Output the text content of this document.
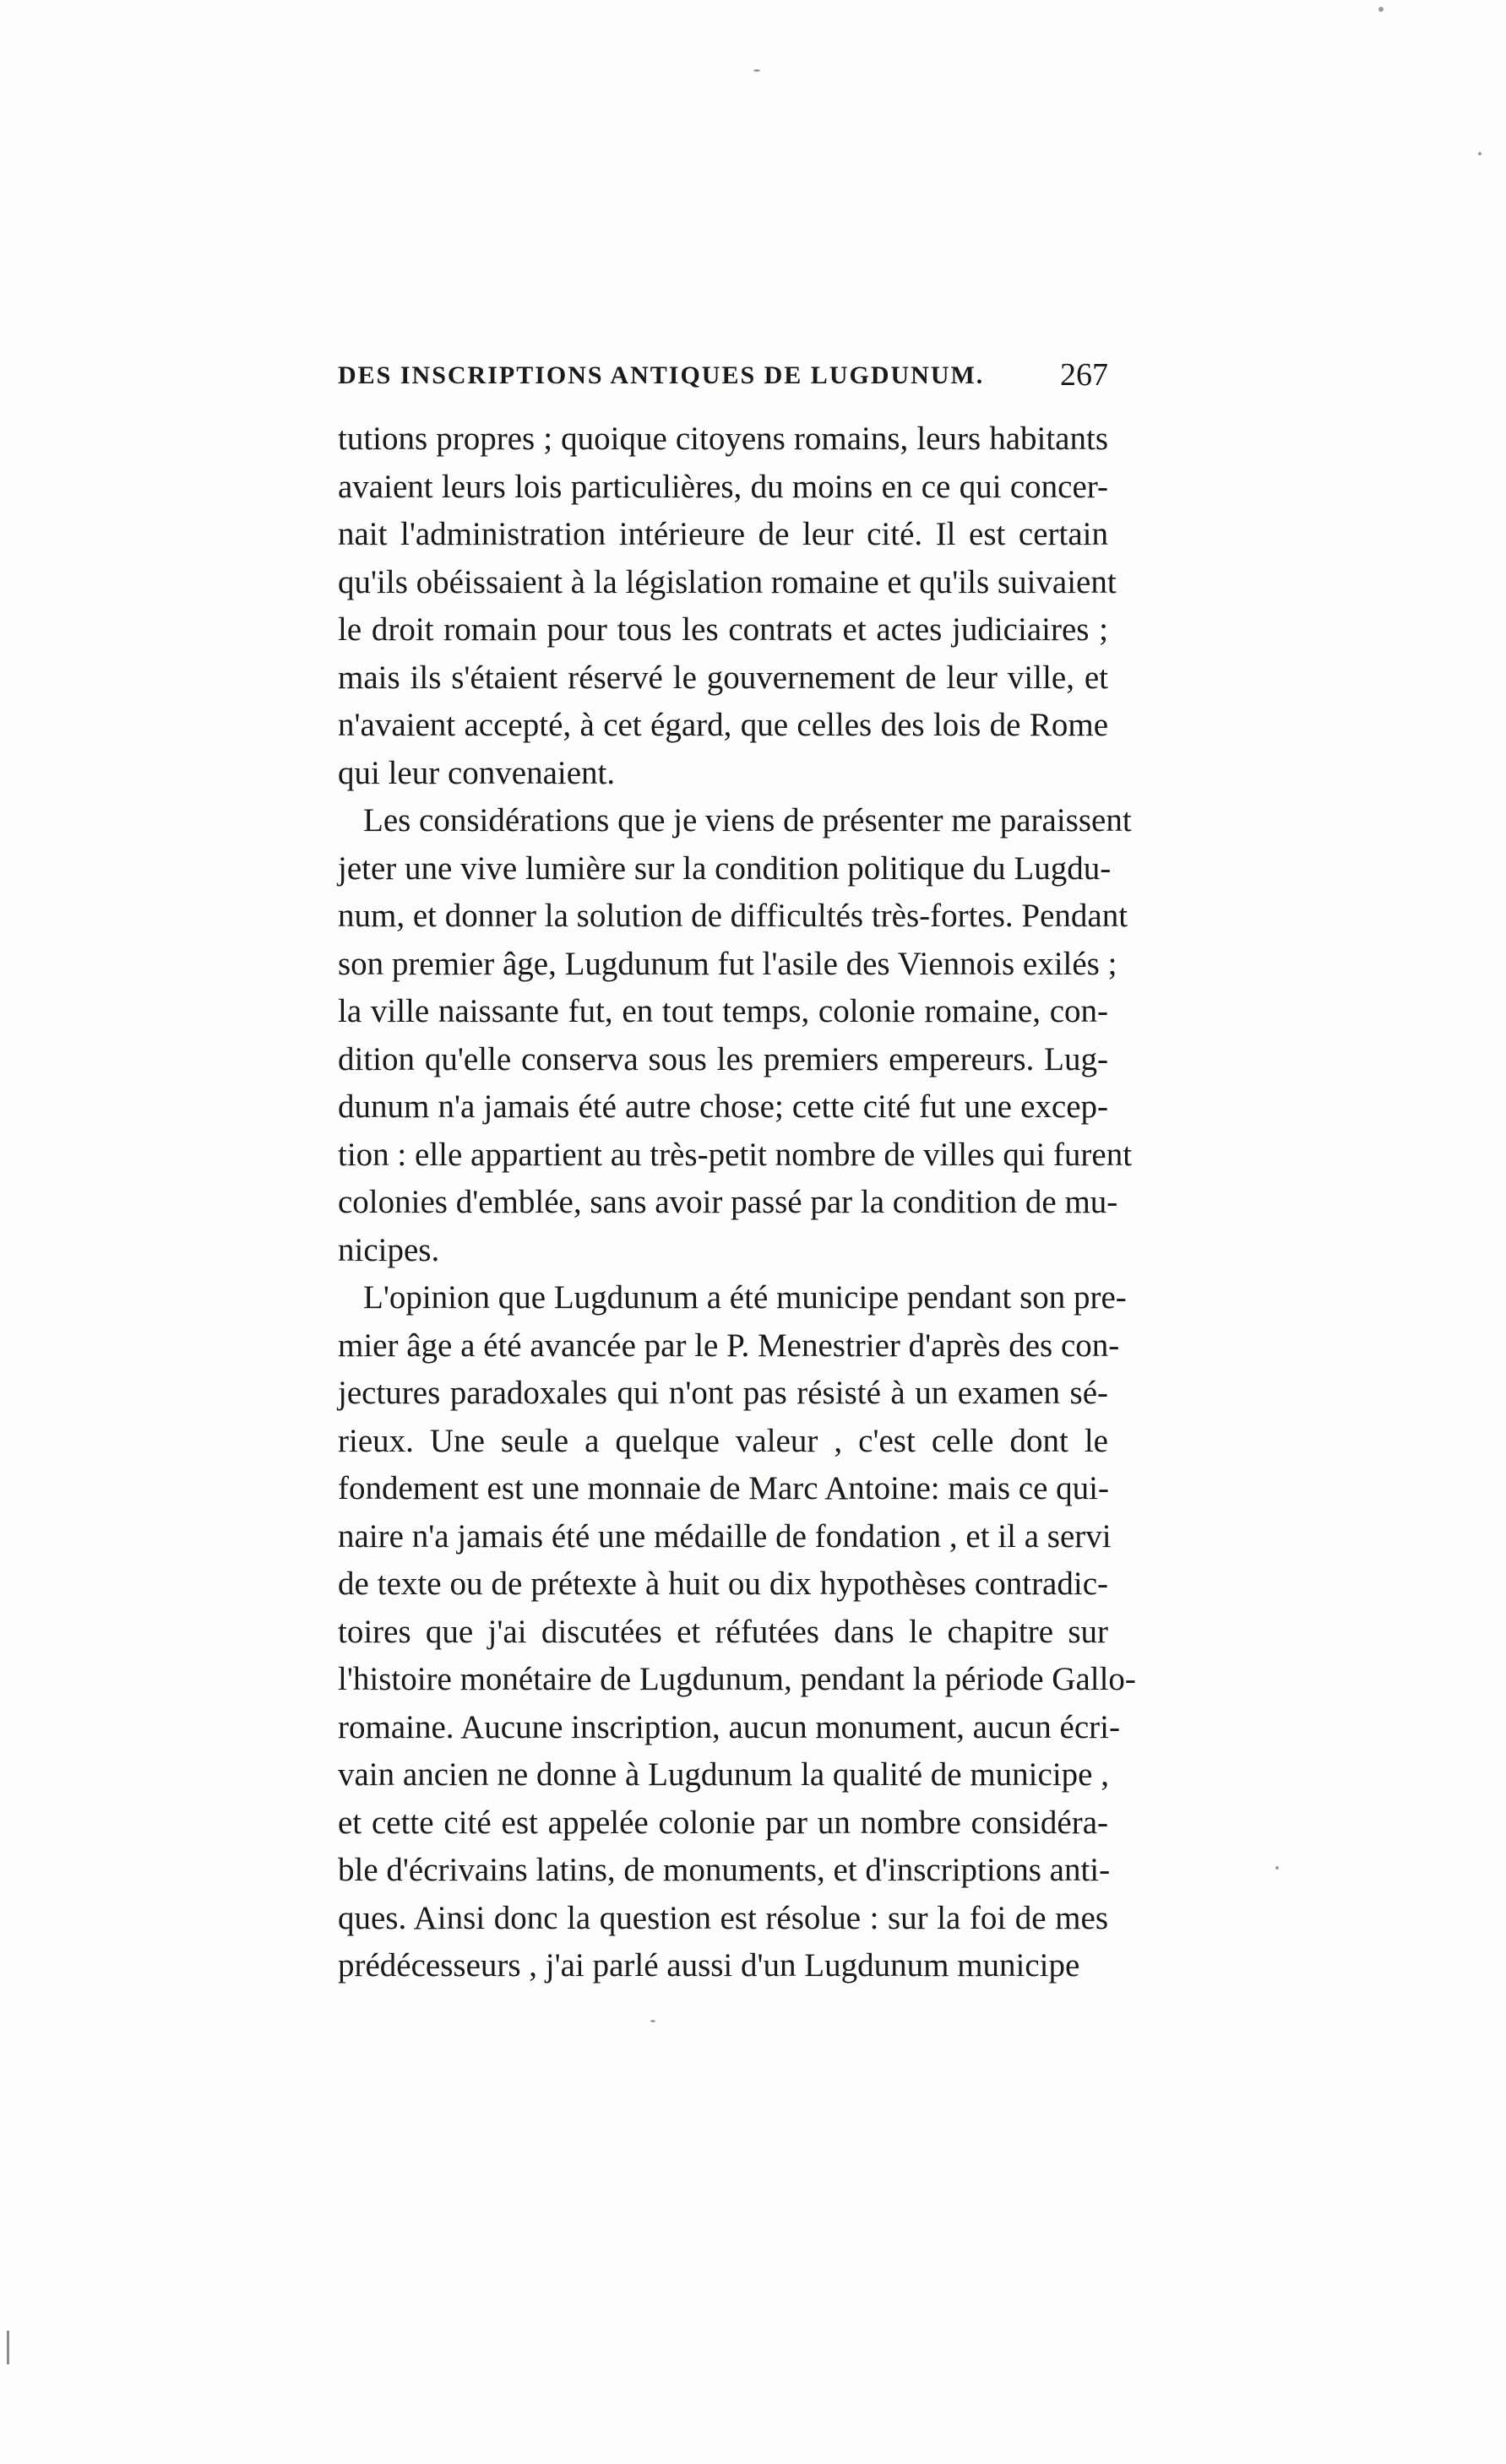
DES INSCRIPTIONS ANTIQUES DE LUGDUNUM. 267
tutions propres ; quoique citoyens romains, leurs habitants
avaient leurs lois particulières, du moins en ce qui concer-
nait l'administration intérieure de leur cité. Il est certain
qu'ils obéissaient à la législation romaine et qu'ils suivaient
le droit romain pour tous les contrats et actes judiciaires ;
mais ils s'étaient réservé le gouvernement de leur ville, et
n'avaient accepté, à cet égard, que celles des lois de Rome
qui leur convenaient.
Les considérations que je viens de présenter me paraissent
jeter une vive lumière sur la condition politique du Lugdu-
num, et donner la solution de difficultés très-fortes. Pendant
son premier âge, Lugdunum fut l'asile des Viennois exilés ;
la ville naissante fut, en tout temps, colonie romaine, con-
dition qu'elle conserva sous les premiers empereurs. Lug-
dunum n'a jamais été autre chose; cette cité fut une excep-
tion : elle appartient au très-petit nombre de villes qui furent
colonies d'emblée, sans avoir passé par la condition de mu-
nicipes.
L'opinion que Lugdunum a été municipe pendant son pre-
mier âge a été avancée par le P. Menestrier d'après des con-
jectures paradoxales qui n'ont pas résisté à un examen sé-
rieux. Une seule a quelque valeur , c'est celle dont le
fondement est une monnaie de Marc Antoine: mais ce qui-
naire n'a jamais été une médaille de fondation , et il a servi
de texte ou de prétexte à huit ou dix hypothèses contradic-
toires que j'ai discutées et réfutées dans le chapitre sur
l'histoire monétaire de Lugdunum, pendant la période Gallo-
romaine. Aucune inscription, aucun monument, aucun écri-
vain ancien ne donne à Lugdunum la qualité de municipe ,
et cette cité est appelée colonie par un nombre considéra-
ble d'écrivains latins, de monuments, et d'inscriptions anti-
ques. Ainsi donc la question est résolue : sur la foi de mes
prédécesseurs , j'ai parlé aussi d'un Lugdunum municipe
